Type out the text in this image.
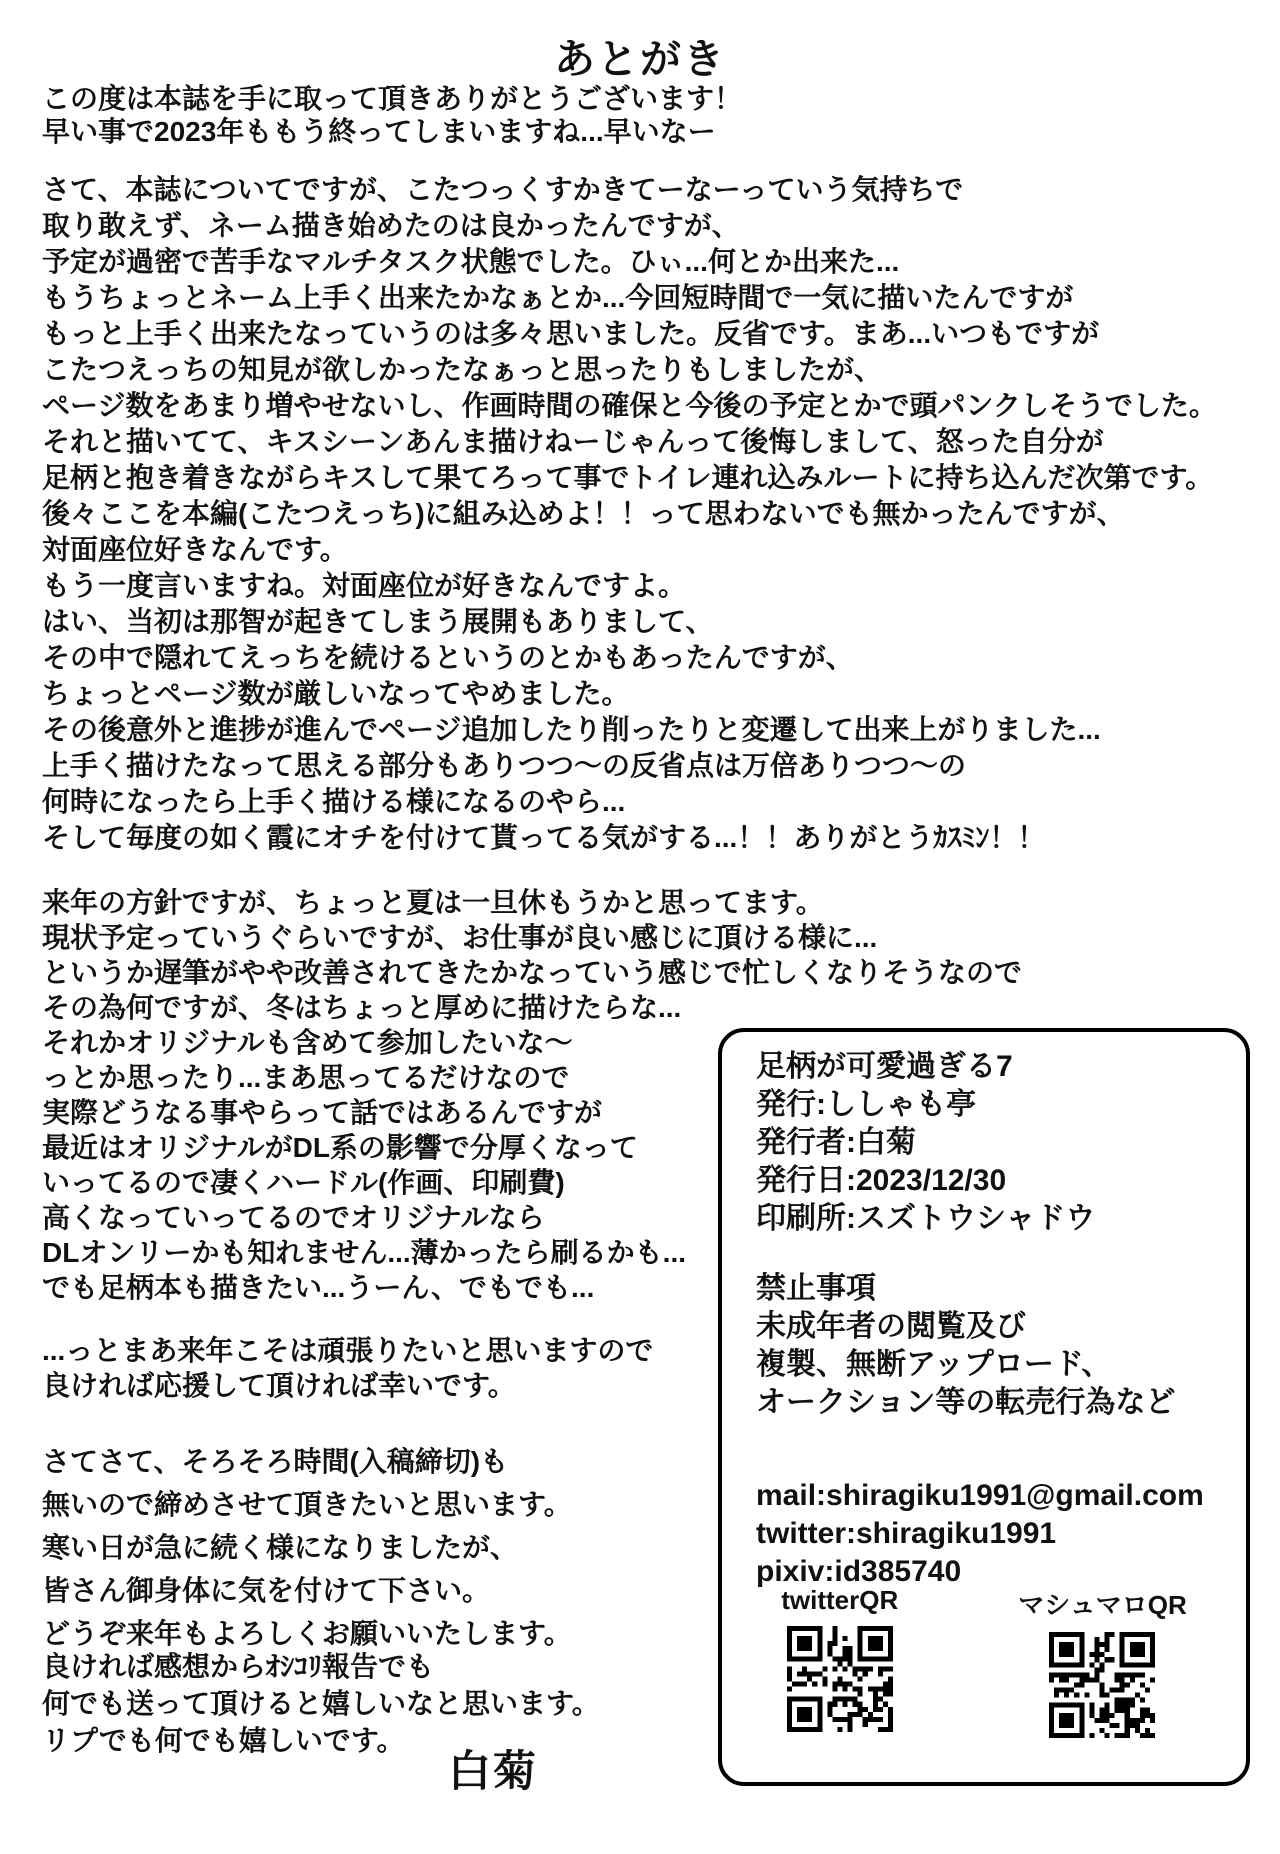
あとがき
この度は本誌を手に取って頂きありがとうございます！
早い事で2023年ももう終ってしまいますね...早いなー
さて、本誌についてですが、こたつっくすかきてーなーっていう気持ちで
取り敢えず、ネーム描き始めたのは良かったんですが、
予定が過密で苦手なマルチタスク状態でした。ひぃ...何とか出来た...
もうちょっとネーム上手く出来たかなぁとか...今回短時間で一気に描いたんですが
もっと上手く出来たなっていうのは多々思いました。反省です。まあ...いつもですが
こたつえっちの知見が欲しかったなぁっと思ったりもしましたが、
ページ数をあまり増やせないし、作画時間の確保と今後の予定とかで頭パンクしそうでした。
それと描いてて、キスシーンあんま描けねーじゃんって後悔しまして、怒った自分が
足柄と抱き着きながらキスして果てろって事でトイレ連れ込みルートに持ち込んだ次第です。
後々ここを本編(こたつえっち)に組み込めよ！！って思わないでも無かったんですが、
対面座位好きなんです。
もう一度言いますね。対面座位が好きなんですよ。
はい、当初は那智が起きてしまう展開もありまして、
その中で隠れてえっちを続けるというのとかもあったんですが、
ちょっとページ数が厳しいなってやめました。
その後意外と進捗が進んでページ追加したり削ったりと変遷して出来上がりました...
上手く描けたなって思える部分もありつつ〜の反省点は万倍ありつつ〜の
何時になったら上手く描ける様になるのやら...
そして毎度の如く霞にオチを付けて貰ってる気がする...！！ありがとうｶｽﾐﾝ！！
来年の方針ですが、ちょっと夏は一旦休もうかと思ってます。
現状予定っていうぐらいですが、お仕事が良い感じに頂ける様に...
というか遅筆がやや改善されてきたかなっていう感じで忙しくなりそうなので
その為何ですが、冬はちょっと厚めに描けたらな...
それかオリジナルも含めて参加したいな〜
っとか思ったり...まあ思ってるだけなので
実際どうなる事やらって話ではあるんですが
最近はオリジナルがDL系の影響で分厚くなって
いってるので凄くハードル(作画、印刷費)
高くなっていってるのでオリジナルなら
DLオンリーかも知れません...薄かったら刷るかも...
でも足柄本も描きたい...うーん、でもでも...
...っとまあ来年こそは頑張りたいと思いますので
良ければ応援して頂ければ幸いです。
さてさて、そろそろ時間(入稿締切)も
無いので締めさせて頂きたいと思います。
寒い日が急に続く様になりましたが、
皆さん御身体に気を付けて下さい。
どうぞ来年もよろしくお願いいたします。
良ければ感想からｵｼｺﾘ報告でも
何でも送って頂けると嬉しいなと思います。
リプでも何でも嬉しいです。
白菊
足柄が可愛過ぎる7
発行:ししゃも亭
発行者:白菊
発行日:2023/12/30
印刷所:スズトウシャドウ
禁止事項
未成年者の閲覧及び
複製、無断アップロード、
オークション等の転売行為など
mail:shiragiku1991@gmail.com
twitter:shiragiku1991
pixiv:id385740
twitterQR	マシュマロQR
